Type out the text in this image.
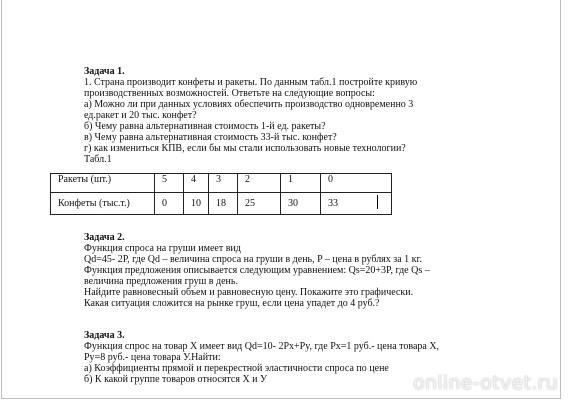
Задача 1.
1. Страна производит конфеты и ракеты. По данным табл.1 постройте кривую
производственных возможностей. Ответьте на следующие вопросы:
а) Можно ли при данных условиях обеспечить производство одновременно 3
ед.ракет и 20 тыс. конфет?
б) Чему равна альтернативная стоимость 1-й ед. ракеты?
в) Чему равна альтернативная стоимость 33-й тыс. конфет?
г) как измениться КПВ, если бы мы стали использовать новые технологии?
Табл.1
Ракеты (шт.)	5	4	3	2	1	0
Конфеты (тыс.т.)	0	10	18	25	30	33
Задача 2.
Функция спроса на груши имеет вид
Qd=45- 2P, где Qd – величина спроса на груши в день, P – цена в рублях за 1 кг.
Функция предложения описывается следующим уравнением: Qs=20+3P, где Qs –
величина предложения груш в день.
Найдите равновесный объем и равновесную цену. Покажите это графически.
Какая ситуация сложится на рынке груш, если цена упадет до 4 руб.?
Задача 3.
Функция спрос на товар X имеет вид Qd=10- 2Px+Py, где Px=1 руб.- цена товара X,
Py=8 руб.- цена товара У.Найти:
а) Коэффициенты прямой и перекрестной эластичности спроса по цене
б) К какой группе товаров относятся X и У	online-otvet.ru
